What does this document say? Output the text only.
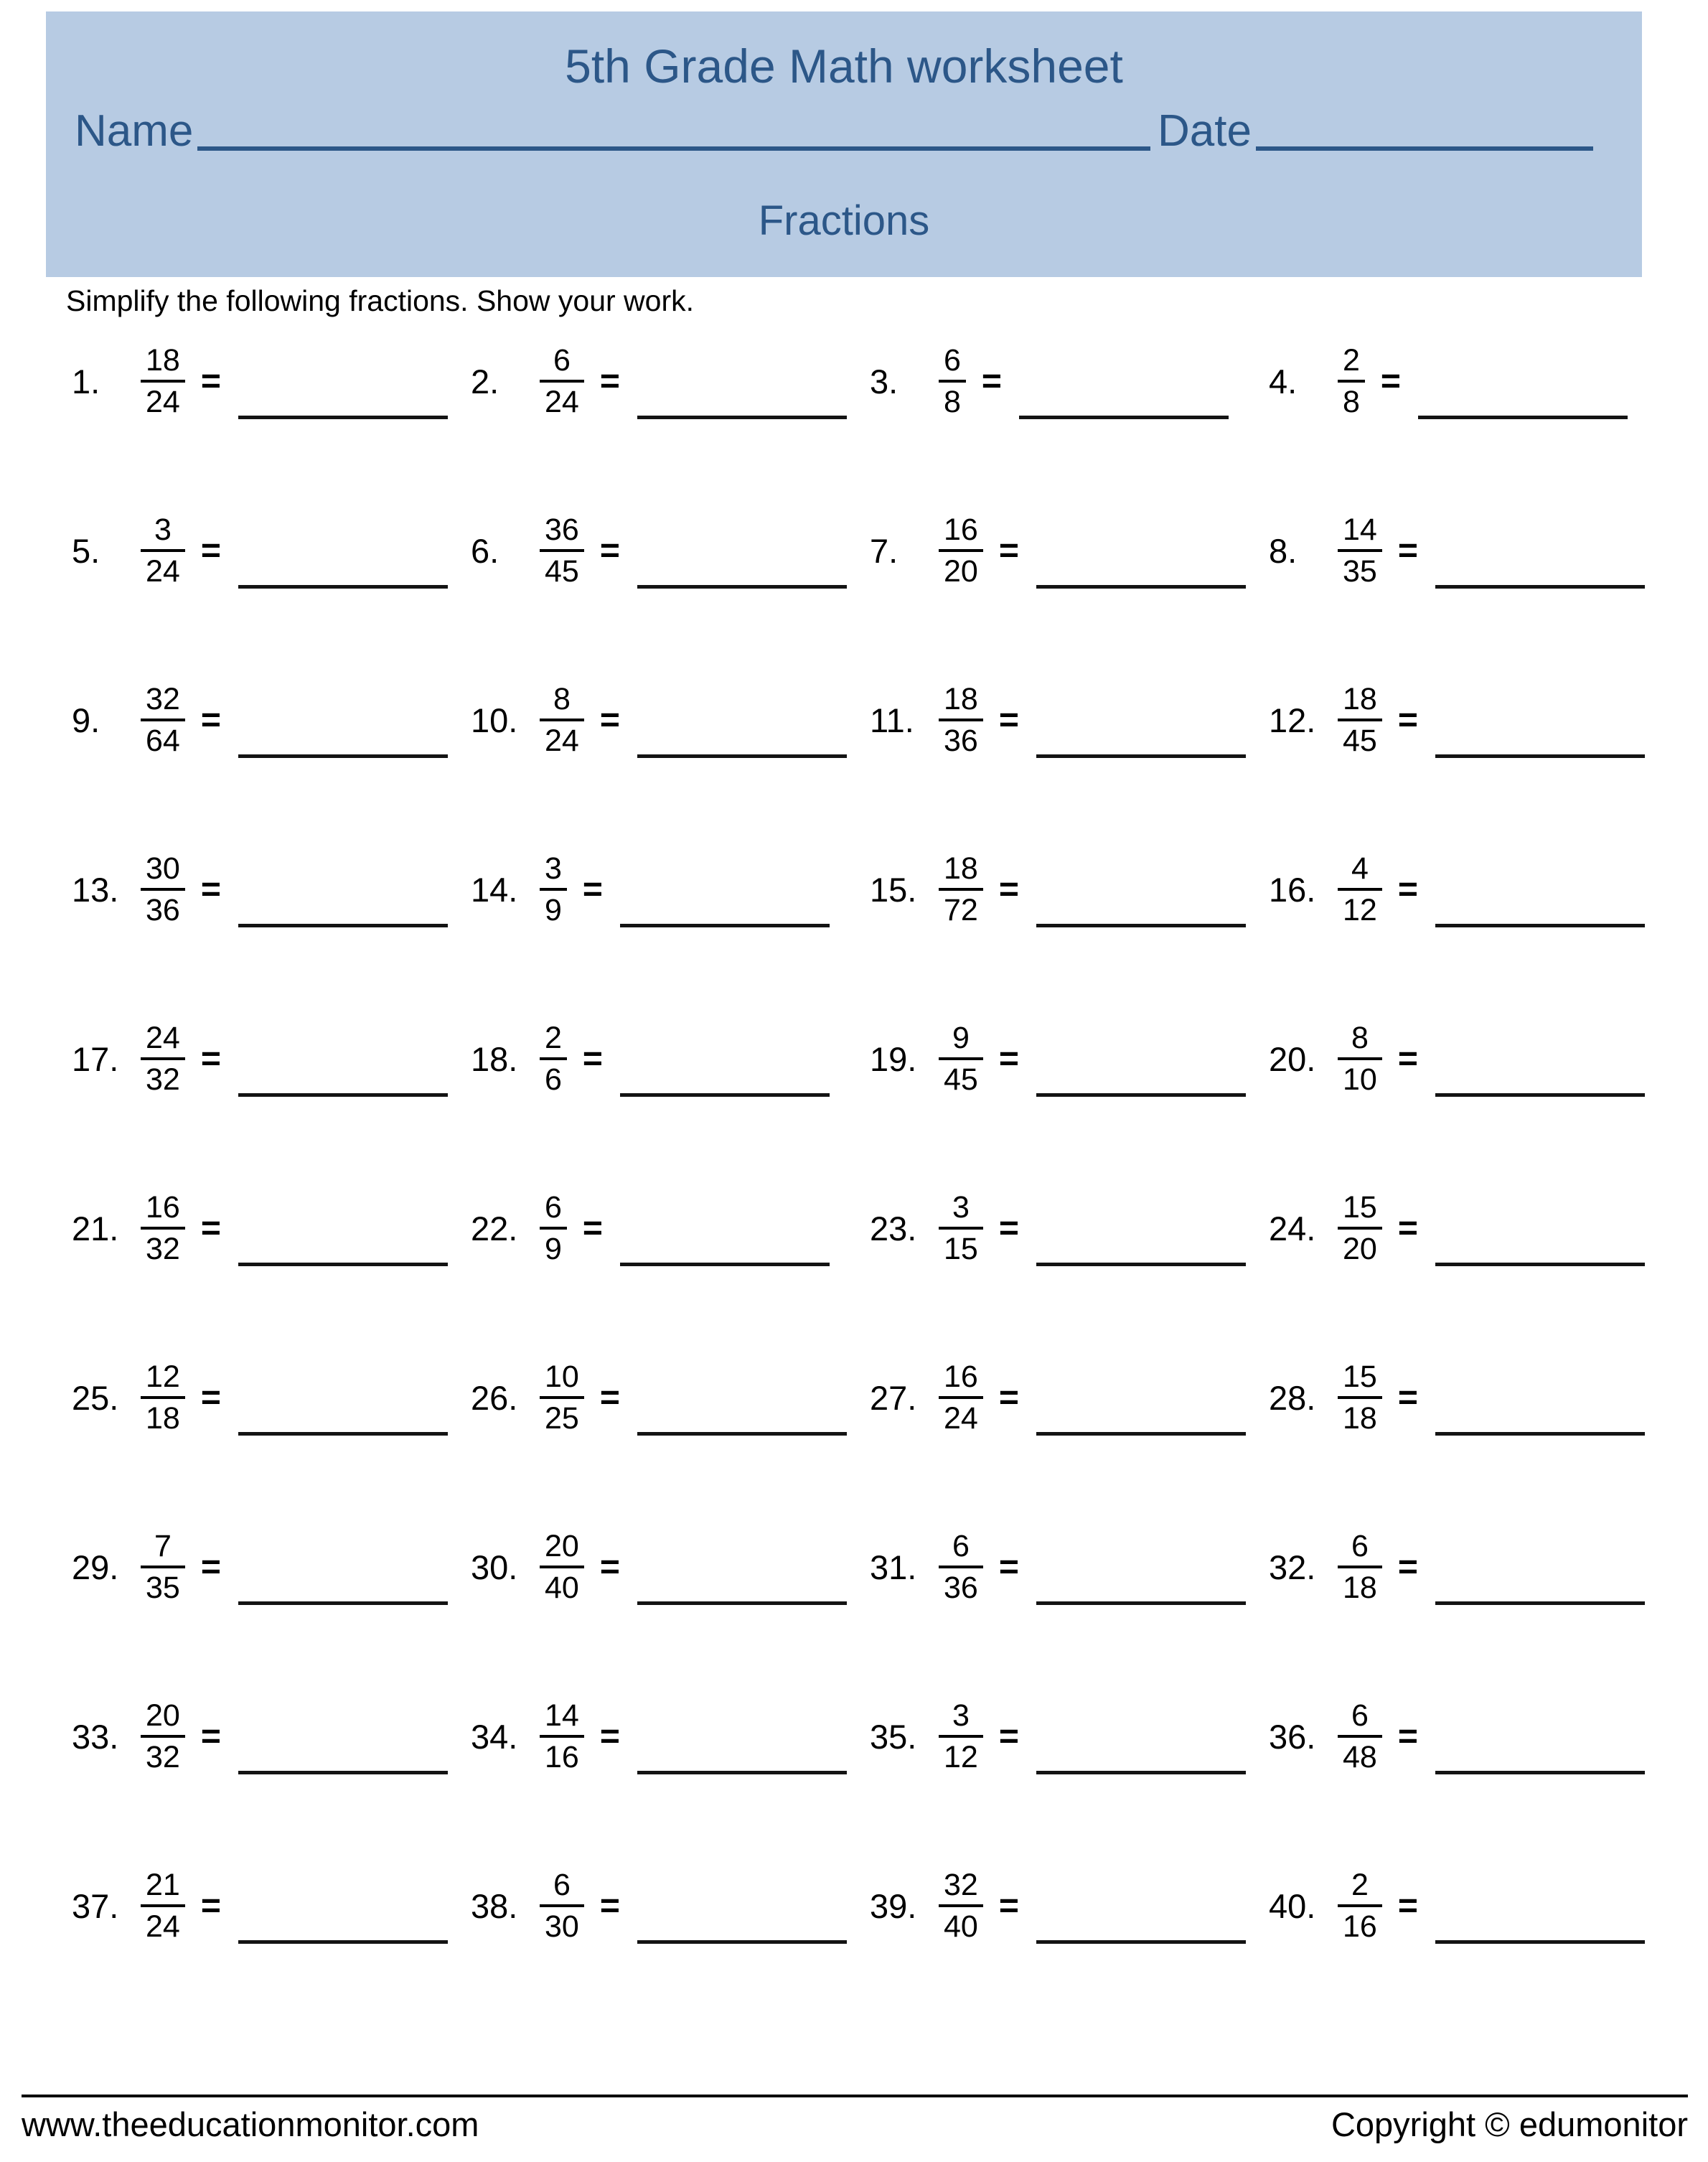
5th Grade Math worksheet
Name	Date
Fractions

Simplify the following fractions. Show your work.

1.	$\frac{18}{24}$ =	2.	$\frac{6}{24}$ =	3.	$\frac{6}{8}$ =	4.	$\frac{2}{8}$ =
5.	$\frac{3}{24}$ =	6.	$\frac{36}{45}$ =	7.	$\frac{16}{20}$ =	8.	$\frac{14}{35}$ =
9.	$\frac{32}{64}$ =	10. $\frac{8}{24}$ =	11. $\frac{18}{36}$ =	12. $\frac{18}{45}$ =
13. $\frac{30}{36}$ =	14. $\frac{3}{9}$ =	15. $\frac{18}{72}$ =	16. $\frac{4}{12}$ =
17. $\frac{24}{32}$ =	18. $\frac{2}{6}$ =	19. $\frac{9}{45}$ =	20. $\frac{8}{10}$ =
21. $\frac{16}{32}$ =	22. $\frac{6}{9}$ =	23. $\frac{3}{15}$ =	24. $\frac{15}{20}$ =
25. $\frac{12}{18}$ =	26. $\frac{10}{25}$ =	27. $\frac{16}{24}$ =	28. $\frac{15}{18}$ =
29. $\frac{7}{35}$ =	30. $\frac{20}{40}$ =	31. $\frac{6}{36}$ =	32. $\frac{6}{18}$ =
33. $\frac{20}{32}$ =	34. $\frac{14}{16}$ =	35. $\frac{3}{12}$ =	36. $\frac{6}{48}$ =
37. $\frac{21}{24}$ =	38. $\frac{6}{30}$ =	39. $\frac{32}{40}$ =	40. $\frac{2}{16}$ =
www.theeducationmonitor.com	Copyright © edumonitor
